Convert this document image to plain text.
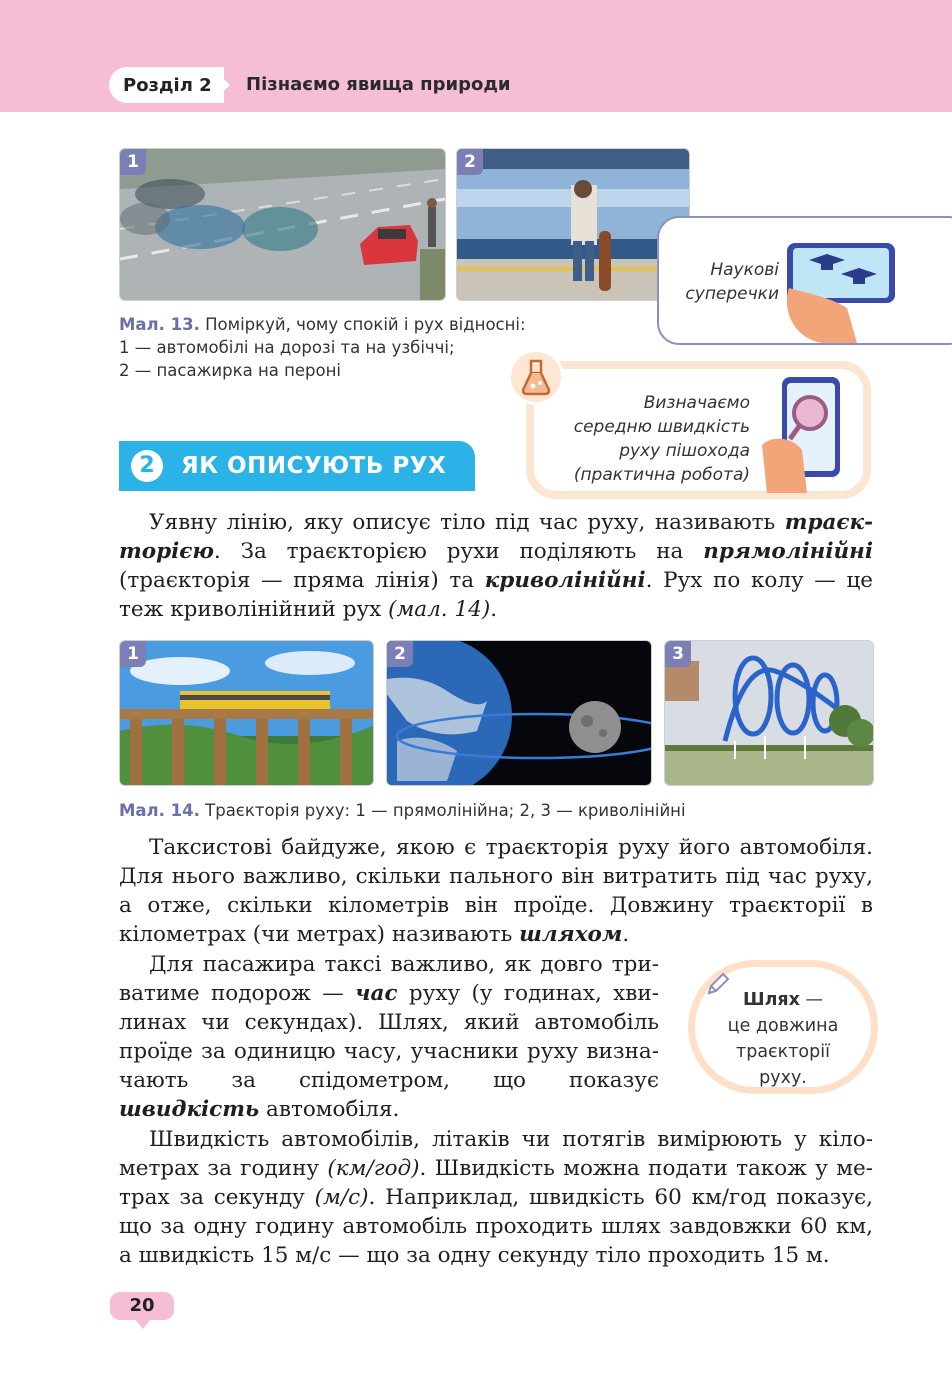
Розділ 2	Пізнаємо явища природи
1	2
Наукові
суперечки
Мал. 13. Поміркуй, чому спокій і рух відносні:
1 — автомобілі на дорозі та на узбіччі;
2 — пасажирка на пероні
Визначаємо
середню швидкість
руху пішохода
(практична робота)
2	ЯК ОПИСУЮТЬ РУХ
Уявну лінію, яку описує тіло під час руху, називають траєкторією. За траєкторією рухи поділяють на прямолінійні (траєкторія — пряма лінія) та криволінійні. Рух по колу — це теж криволінійний рух (мал. 14).
1	2	3
Мал. 14. Траєкторія руху: 1 — прямолінійна; 2, 3 — криволінійні
Таксистові байдуже, якою є траєкторія руху його автомобіля. Для нього важливо, скільки пального він витратить під час руху, а отже, скільки кілометрів він проїде. Довжину траєкторії в кілометрах (чи метрах) називають шляхом.
Для пасажира таксі важливо, як довго триватиме подорож — час руху (у годинах, хвилинах чи секундах). Шлях, який автомобіль проїде за одиницю часу, учасники руху визначають за спідометром, що показує швидкість автомобіля.
Шлях —
це довжина
траєкторії
руху.
Швидкість автомобілів, літаків чи потягів вимірюють у кілометрах за годину (км/год). Швидкість можна подати також у метрах за секунду (м/с). Наприклад, швидкість 60 км/год показує, що за одну годину автомобіль проходить шлях завдовжки 60 км, а швидкість 15 м/с — що за одну секунду тіло проходить 15 м.
20
